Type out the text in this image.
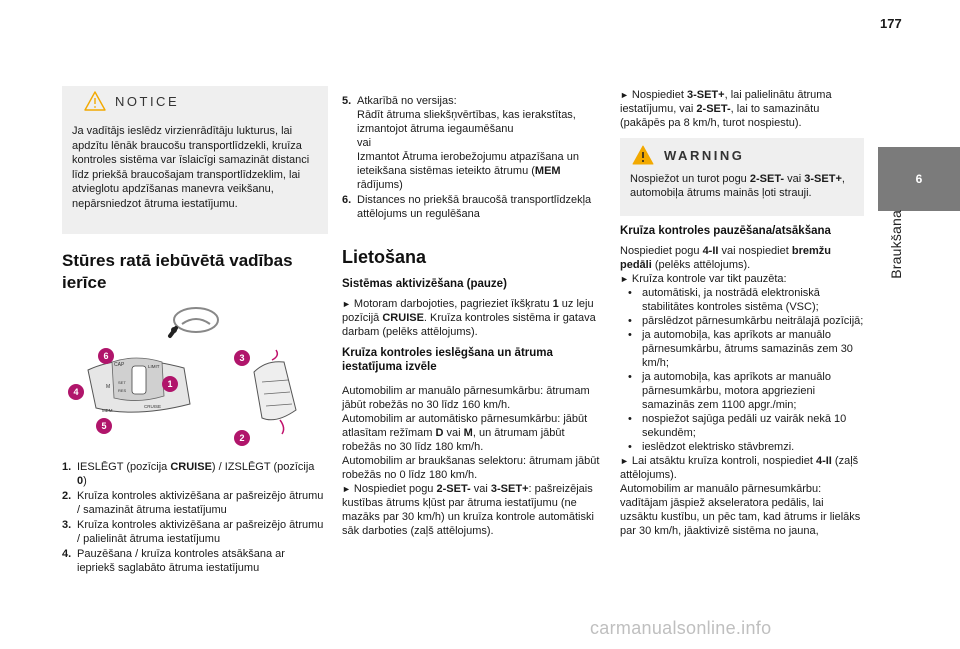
177
6
Braukšana
NOTICE
Ja vadītājs ieslēdz virzienrādītāju lukturus, lai apdzītu lēnāk braucošu transportlīdzekli, kruīza kontroles sistēma var īslaicīgi samazināt distanci līdz priekšā braucošajam transportlīdzeklim, lai atvieglotu apdzīšanas manevra veikšanu, nepārsniedzot ātruma iestatījumu.
Stūres ratā iebūvētā vadības
ierīce
CAP	LIMIT
CRUISE
MEM
SET
RES
M
6
4
5
1
3
2
1. IESLĒGT (pozīcija CRUISE) / IZSLĒGT (pozīcija 0)
2. Kruīza kontroles aktivizēšana ar pašreizējo ātrumu / samazināt ātruma iestatījumu
3. Kruīza kontroles aktivizēšana ar pašreizējo ātrumu / palielināt ātruma iestatījumu
4. Pauzēšana / kruīza kontroles atsākšana ar iepriekš saglabāto ātruma iestatījumu
5. Atkarībā no versijas:
Rādīt ātruma sliekšņvērtības, kas ierakstītas, izmantojot ātruma iegaumēšanu
vai
Izmantot Ātruma ierobežojumu atpazīšana un ieteikšana sistēmas ieteikto ātrumu (MEM rādījums)
6. Distances no priekšā braucošā transportlīdzekļa attēlojums un regulēšana
Lietošana
Sistēmas aktivizēšana (pauze)

► Motoram darbojoties, pagrieziet īkšķratu 1 uz leju pozīcijā CRUISE. Kruīza kontroles sistēma ir gatava darbam (pelēks attēlojums).

Kruīza kontroles ieslēgšana un ātruma
iestatījuma izvēle

Automobilim ar manuālo pārnesumkārbu: ātrumam jābūt robežās no 30 līdz 160 km/h.

Automobilim ar automātisko pārnesumkārbu: jābūt atlasītam režīmam D vai M, un ātrumam jābūt robežās no 30 līdz 180 km/h.

Automobilim ar braukšanas selektoru: ātrumam jābūt robežās no 0 līdz 180 km/h.

► Nospiediet pogu 2-SET- vai 3-SET+: pašreizējais kustības ātrums kļūst par ātruma iestatījumu (ne mazāks par 30 km/h) un kruīza kontrole automātiski sāk darboties (zaļš attēlojums).

► Nospiediet 3-SET+, lai palielinātu ātruma iestatījumu, vai 2-SET-, lai to samazinātu (pakāpēs pa 8 km/h, turot nospiestu).

WARNING

Nospiežot un turot pogu 2-SET- vai 3-SET+, automobiļa ātrums mainās ļoti strauji.

Kruīza kontroles pauzēšana/atsākšana

Nospiediet pogu 4-II vai nospiediet bremžu pedāli (pelēks attēlojums).

► Kruīza kontrole var tikt pauzēta:

• automātiski, ja nostrādā elektroniskā stabilitātes kontroles sistēma (VSC);
• pārslēdzot pārnesumkārbu neitrālajā pozīcijā;
• ja automobiļa, kas aprīkots ar manuālo pārnesumkārbu, ātrums samazinās zem 30 km/h;
• ja automobiļa, kas aprīkots ar manuālo pārnesumkārbu, motora apgriezieni samazinās zem 1100 apgr./min;
• nospiežot sajūga pedāli uz vairāk nekā 10 sekundēm;
• ieslēdzot elektrisko stāvbremzi.

► Lai atsāktu kruīza kontroli, nospiediet 4-II (zaļš attēlojums).

Automobilim ar manuālo pārnesumkārbu: vadītājam jāspiež akseleratora pedālis, lai uzsāktu kustību, un pēc tam, kad ātrums ir lielāks par 30 km/h, jāaktivizē sistēma no jauna,

carmanualsonline.info
